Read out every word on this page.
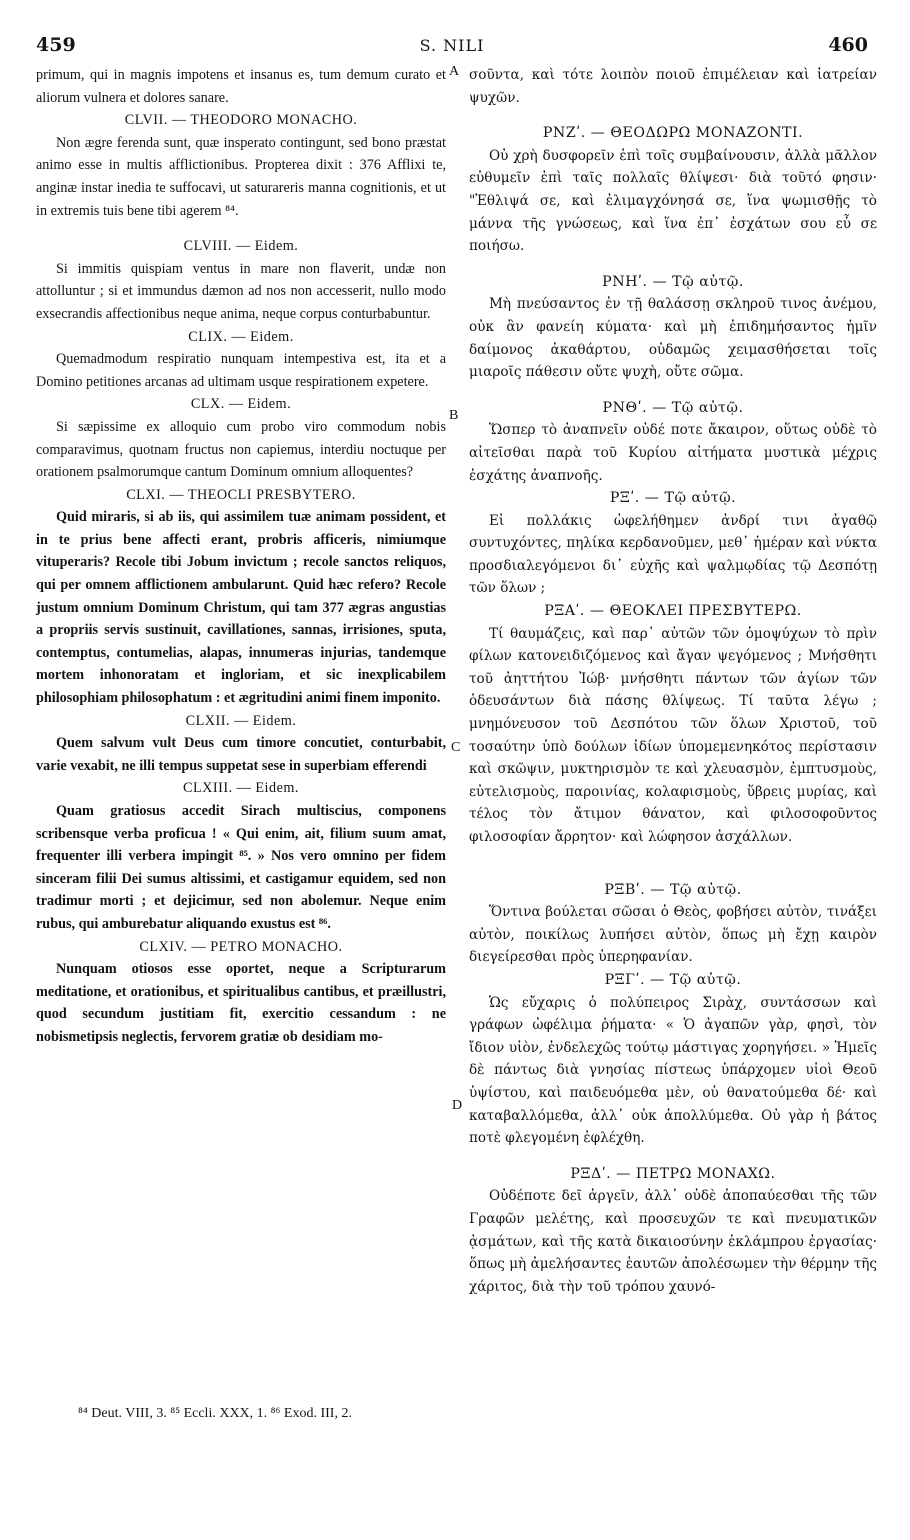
459	S. NILI	460
A
B
C
D

primum, qui in magnis impotens et insanus es, tum demum curato et aliorum vulnera et dolores sanare.

CLVII. — THEODORO MONACHO.

Non ægre ferenda sunt, quæ insperato contingunt, sed bono præstat animo esse in multis afflictionibus. Propterea dixit : 376 Afflixi te, anginæ instar inedia te suffocavi, ut saturareris manna cognitionis, et ut in extremis tuis bene tibi agerem ⁸⁴.

CLVIII. — Eidem.

Si immitis quispiam ventus in mare non flaverit, undæ non attolluntur ; si et immundus dæmon ad nos non accesserit, nullo modo exsecrandis affectionibus neque anima, neque corpus conturbabuntur.

CLIX. — Eidem.

Quemadmodum respiratio nunquam intempestiva est, ita et a Domino petitiones arcanas ad ultimam usque respirationem expetere.

CLX. — Eidem.

Si sæpissime ex alloquio cum probo viro commodum nobis comparavimus, quotnam fructus non capiemus, interdiu noctuque per orationem psalmorumque cantum Dominum omnium alloquentes?

CLXI. — THEOCLI PRESBYTERO.

Quid miraris, si ab iis, qui assimilem tuæ animam possident, et in te prius bene affecti erant, probris afficeris, nimiumque vituperaris? Recole tibi Jobum invictum ; recole sanctos reliquos, qui per omnem afflictionem ambularunt. Quid hæc refero? Recole justum omnium Dominum Christum, qui tam 377 ægras angustias a propriis servis sustinuit, cavillationes, sannas, irrisiones, sputa, contemptus, contumelias, alapas, innumeras injurias, tandemque mortem inhonoratam et ingloriam, et sic inexplicabilem philosophiam philosophatum : et ægritudini animi finem imponito.

CLXII. — Eidem.

Quem salvum vult Deus cum timore concutiet, conturbabit, varie vexabit, ne illi tempus suppetat sese in superbiam efferendi

CLXIII. — Eidem.

Quam gratiosus accedit Sirach multiscius, componens scribensque verba proficua ! « Qui enim, ait, filium suum amat, frequenter illi verbera impingit ⁸⁵. » Nos vero omnino per fidem sinceram filii Dei sumus altissimi, et castigamur equidem, sed non tradimur morti ; et dejicimur, sed non abolemur. Neque enim rubus, qui amburebatur aliquando exustus est ⁸⁶.

CLXIV. — PETRO MONACHO.

Nunquam otiosos esse oportet, neque a Scripturarum meditatione, et orationibus, et spiritualibus cantibus, et præillustri, quod secundum justitiam fit, exercitio cessandum : ne nobismetipsis neglectis, fervorem gratiæ ob desidiam mo-

σοῦντα, καὶ τότε λοιπὸν ποιοῦ ἐπιμέλειαν καὶ ἰατρείαν ψυχῶν.

ΡΝΖʹ. — ΘΕΟΔΩΡΩ ΜΟΝΑΖΟΝΤΙ.

Οὐ χρὴ δυσφορεῖν ἐπὶ τοῖς συμβαίνουσιν, ἀλλὰ μᾶλλον εὐθυμεῖν ἐπὶ ταῖς πολλαῖς θλίψεσι· διὰ τοῦτό φησιν· "Ἐθλιψά σε, καὶ ἐλιμαγχόνησά σε, ἵνα ψωμισθῇς τὸ μάννα τῆς γνώσεως, καὶ ἵνα ἐπ᾽ ἐσχάτων σου εὖ σε ποιήσω.

ΡΝΗʹ. — Τῷ αὐτῷ.

Μὴ πνεύσαντος ἐν τῇ θαλάσσῃ σκληροῦ τινος ἀνέμου, οὐκ ἂν φανείη κύματα· καὶ μὴ ἐπιδημήσαντος ἡμῖν δαίμονος ἀκαθάρτου, οὐδαμῶς χειμασθήσεται τοῖς μιαροῖς πάθεσιν οὔτε ψυχὴ, οὔτε σῶμα.

ΡΝΘʹ. — Τῷ αὐτῷ.

Ὥσπερ τὸ ἀναπνεῖν οὐδέ ποτε ἄκαιρον, οὕτως οὐδὲ τὸ αἰτεῖσθαι παρὰ τοῦ Κυρίου αἰτήματα μυστικὰ μέχρις ἐσχάτης ἀναπνοῆς.

ΡΞʹ. — Τῷ αὐτῷ.

Εἰ πολλάκις ὠφελήθημεν ἀνδρί τινι ἀγαθῷ συντυχόντες, πηλίκα κερδανοῦμεν, μεθ᾽ ἡμέραν καὶ νύκτα προσδιαλεγόμενοι δι᾽ εὐχῆς καὶ ψαλμῳδίας τῷ Δεσπότῃ τῶν ὅλων ;

ΡΞΑʹ. — ΘΕΟΚΛΕΙ ΠΡΕΣΒΥΤΕΡΩ.

Τί θαυμάζεις, καὶ παρ᾽ αὐτῶν τῶν ὁμοψύχων τὸ πρὶν φίλων κατονειδιζόμενος καὶ ἄγαν ψεγόμενος ; Μνήσθητι τοῦ ἀηττήτου Ἰώβ· μνήσθητι πάντων τῶν ἁγίων τῶν ὁδευσάντων διὰ πάσης θλίψεως. Τί ταῦτα λέγω ; μνημόνευσον τοῦ Δεσπότου τῶν ὅλων Χριστοῦ, τοῦ τοσαύτην ὑπὸ δούλων ἰδίων ὑπομεμενηκότος περίστασιν καὶ σκῶψιν, μυκτηρισμὸν τε καὶ χλευασμὸν, ἐμπτυσμοὺς, εὐτελισμοὺς, παροινίας, κολαφισμοὺς, ὕβρεις μυρίας, καὶ τέλος τὸν ἄτιμον θάνατον, καὶ φιλοσοφοῦντος φιλοσοφίαν ἄρρητον· καὶ λώφησον ἀσχάλλων.

ΡΞΒʹ. — Τῷ αὐτῷ.

Ὅντινα βούλεται σῶσαι ὁ Θεὸς, φοβήσει αὐτὸν, τινάξει αὐτὸν, ποικίλως λυπήσει αὐτὸν, ὅπως μὴ ἔχῃ καιρὸν διεγείρεσθαι πρὸς ὑπερηφανίαν.

ΡΞΓʹ. — Τῷ αὐτῷ.

Ὡς εὔχαρις ὁ πολύπειρος Σιρὰχ, συντάσσων καὶ γράφων ὠφέλιμα ῥήματα· « Ὁ ἀγαπῶν γὰρ, φησὶ, τὸν ἴδιον υἱὸν, ἐνδελεχῶς τούτῳ μάστιγας χορηγήσει. » Ἡμεῖς δὲ πάντως διὰ γνησίας πίστεως ὑπάρχομεν υἱοὶ Θεοῦ ὑψίστου, καὶ παιδευόμεθα μὲν, οὐ θανατούμεθα δέ· καὶ καταβαλλόμεθα, ἀλλ᾽ οὐκ ἀπολλύμεθα. Οὐ γὰρ ἡ βάτος ποτὲ φλεγομένη ἐφλέχθη.

ΡΞΔʹ. — ΠΕΤΡΩ ΜΟΝΑΧΩ.

Οὐδέποτε δεῖ ἀργεῖν, ἀλλ᾽ οὐδὲ ἀποπαύεσθαι τῆς τῶν Γραφῶν μελέτης, καὶ προσευχῶν τε καὶ πνευματικῶν ᾀσμάτων, καὶ τῆς κατὰ δικαιοσύνην ἐκλάμπρου ἐργασίας· ὅπως μὴ ἀμελήσαντες ἑαυτῶν ἀπολέσωμεν τὴν θέρμην τῆς χάριτος, διὰ τὴν τοῦ τρόπου χαυνό-

⁸⁴ Deut. VIII, 3. ⁸⁵ Eccli. XXX, 1. ⁸⁶ Exod. III, 2.
